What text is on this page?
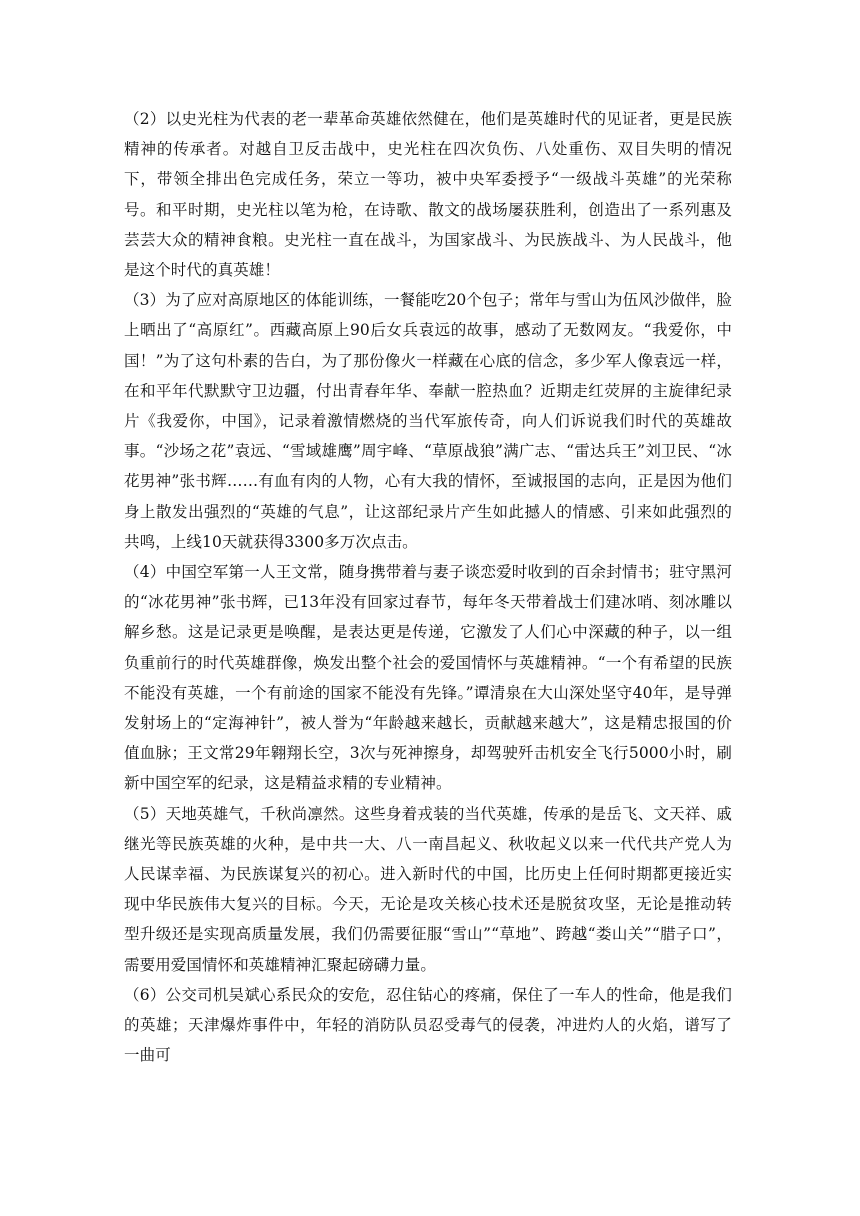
（2）以史光柱为代表的老一辈革命英雄依然健在，他们是英雄时代的见证者，更是民族精神的传承者。对越自卫反击战中，史光柱在四次负伤、八处重伤、双目失明的情况下，带领全排出色完成任务，荣立一等功，被中央军委授予“一级战斗英雄”的光荣称号。和平时期，史光柱以笔为枪，在诗歌、散文的战场屡获胜利，创造出了一系列惠及芸芸大众的精神食粮。史光柱一直在战斗，为国家战斗、为民族战斗、为人民战斗，他是这个时代的真英雄！

（3）为了应对高原地区的体能训练，一餐能吃20个包子；常年与雪山为伍风沙做伴，脸上晒出了“高原红”。西藏高原上90后女兵袁远的故事，感动了无数网友。“我爱你，中国！”为了这句朴素的告白，为了那份像火一样藏在心底的信念，多少军人像袁远一样，在和平年代默默守卫边疆，付出青春年华、奉献一腔热血？近期走红荧屏的主旋律纪录片《我爱你，中国》，记录着激情燃烧的当代军旅传奇，向人们诉说我们时代的英雄故事。“沙场之花”袁远、“雪域雄鹰”周宇峰、“草原战狼”满广志、“雷达兵王”刘卫民、“冰花男神”张书辉……有血有肉的人物，心有大我的情怀，至诚报国的志向，正是因为他们身上散发出强烈的“英雄的气息”，让这部纪录片产生如此撼人的情感、引来如此强烈的共鸣，上线10天就获得3300多万次点击。

（4）中国空军第一人王文常，随身携带着与妻子谈恋爱时收到的百余封情书；驻守黑河的“冰花男神”张书辉，已13年没有回家过春节，每年冬天带着战士们建冰哨、刻冰雕以解乡愁。这是记录更是唤醒，是表达更是传递，它激发了人们心中深藏的种子，以一组负重前行的时代英雄群像，焕发出整个社会的爱国情怀与英雄精神。“一个有希望的民族不能没有英雄，一个有前途的国家不能没有先锋。”谭清泉在大山深处坚守40年，是导弹发射场上的“定海神针”，被人誉为“年龄越来越长，贡献越来越大”，这是精忠报国的价值血脉；王文常29年翱翔长空，3次与死神擦身，却驾驶歼击机安全飞行5000小时，刷新中国空军的纪录，这是精益求精的专业精神。

（5）天地英雄气，千秋尚凛然。这些身着戎装的当代英雄，传承的是岳飞、文天祥、戚继光等民族英雄的火种，是中共一大、八一南昌起义、秋收起义以来一代代共产党人为人民谋幸福、为民族谋复兴的初心。进入新时代的中国，比历史上任何时期都更接近实现中华民族伟大复兴的目标。今天，无论是攻关核心技术还是脱贫攻坚，无论是推动转型升级还是实现高质量发展，我们仍需要征服“雪山”“草地”、跨越“娄山关”“腊子口”，需要用爱国情怀和英雄精神汇聚起磅礴力量。

（6）公交司机吴斌心系民众的安危，忍住钻心的疼痛，保住了一车人的性命，他是我们的英雄；天津爆炸事件中，年轻的消防队员忍受毒气的侵袭，冲进灼人的火焰，谱写了一曲可
